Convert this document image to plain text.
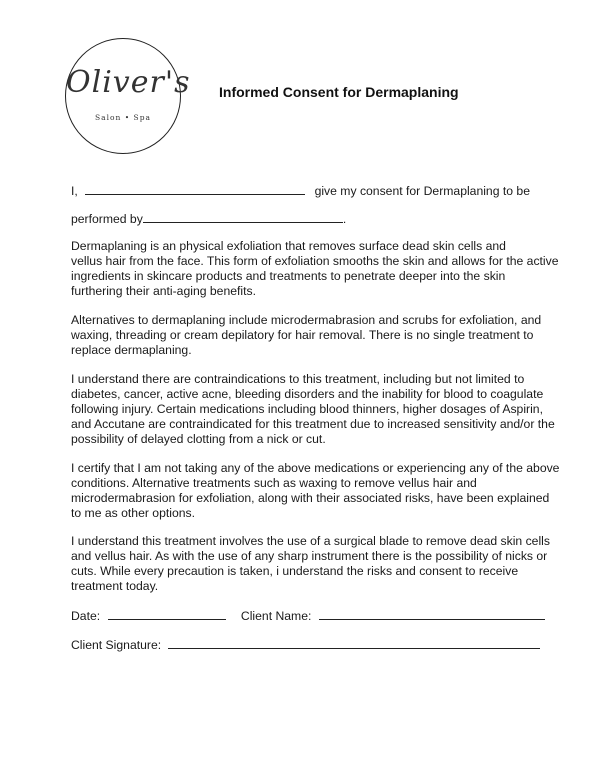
Oliver's
Salon • Spa
Informed Consent for Dermaplaning
I,	give my consent for Dermaplaning to be
performed by	.
Dermaplaning is an physical exfoliation that removes surface dead skin cells and
vellus hair from the face. This form of exfoliation smooths the skin and allows for the active
ingredients in skincare products and treatments to penetrate deeper into the skin
furthering their anti-aging benefits.
Alternatives to dermaplaning include microdermabrasion and scrubs for exfoliation, and
waxing, threading or cream depilatory for hair removal. There is no single treatment to
replace dermaplaning.
I understand there are contraindications to this treatment, including but not limited to
diabetes, cancer, active acne, bleeding disorders and the inability for blood to coagulate
following injury. Certain medications including blood thinners, higher dosages of Aspirin,
and Accutane are contraindicated for this treatment due to increased sensitivity and/or the
possibility of delayed clotting from a nick or cut.
I certify that I am not taking any of the above medications or experiencing any of the above
conditions. Alternative treatments such as waxing to remove vellus hair and
microdermabrasion for exfoliation, along with their associated risks, have been explained
to me as other options.
I understand this treatment involves the use of a surgical blade to remove dead skin cells
and vellus hair. As with the use of any sharp instrument there is the possibility of nicks or
cuts. While every precaution is taken, i understand the risks and consent to receive
treatment today.
Date:	Client Name:
Client Signature:
